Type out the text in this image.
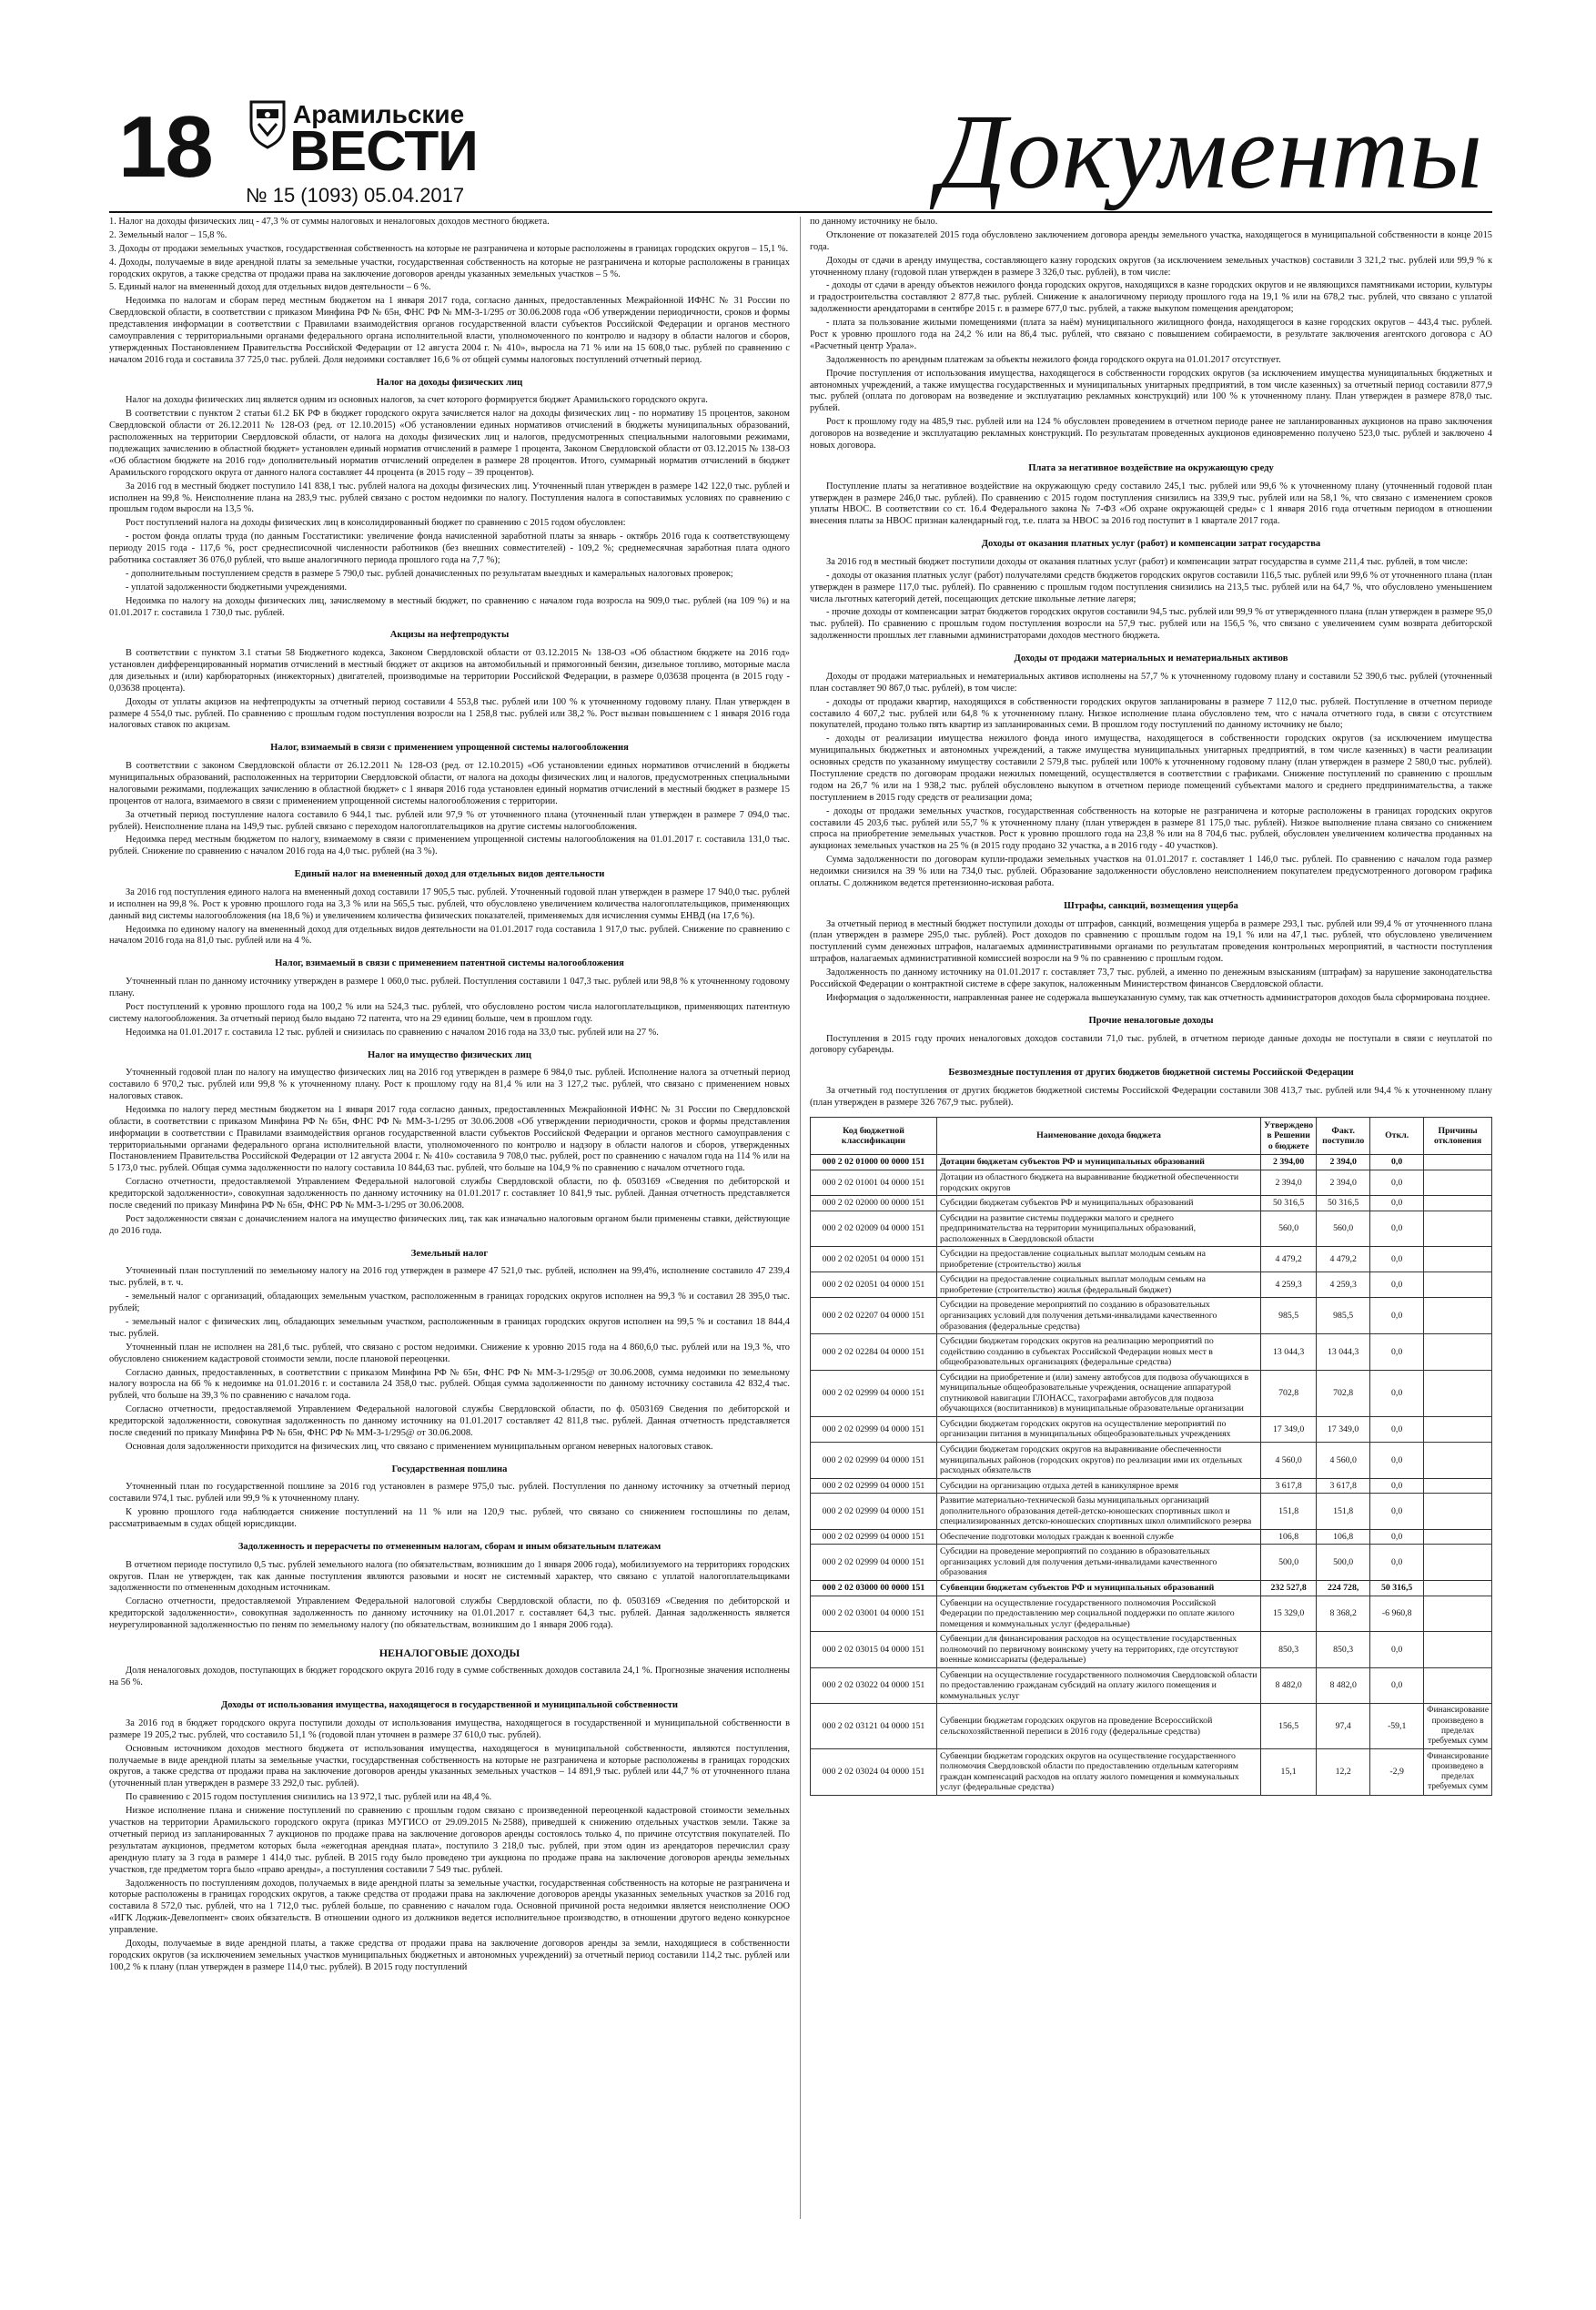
18	Арамильские
ВЕСТИ
№ 15 (1093) 05.04.2017	Документы

1. Налог на доходы физических лиц - 47,3 % от суммы налоговых и неналоговых доходов местного бюджета.

2. Земельный налог – 15,8 %.

3. Доходы от продажи земельных участков, государственная собственность на которые не разграничена и которые расположены в границах городских округов – 15,1 %.

4. Доходы, получаемые в виде арендной платы за земельные участки, государственная собственность на которые не разграничена и которые расположены в границах городских округов, а также средства от продажи права на заключение договоров аренды указанных земельных участков – 5 %.

5. Единый налог на вмененный доход для отдельных видов деятельности – 6 %.

Недоимка по налогам и сборам перед местным бюджетом на 1 января 2017 года, согласно данных, предоставленных Межрайонной ИФНС № 31 России по Свердловской области, в соответствии с приказом Минфина РФ № 65н, ФНС РФ № ММ-3-1/295 от 30.06.2008 года «Об утверждении периодичности, сроков и формы представления информации в соответствии с Правилами взаимодействия органов государственной власти субъектов Российской Федерации и органов местного самоуправления с территориальными органами федерального органа исполнительной власти, уполномоченного по контролю и надзору в области налогов и сборов, утвержденных Постановлением Правительства Российской Федерации от 12 августа 2004 г. № 410», выросла на 71 % или на 15 608,0 тыс. рублей по сравнению с началом 2016 года и составила 37 725,0 тыс. рублей. Доля недоимки составляет 16,6 % от общей суммы налоговых поступлений отчетный период.

Налог на доходы физических лиц

Налог на доходы физических лиц является одним из основных налогов, за счет которого формируется бюджет Арамильского городского округа.

В соответствии с пунктом 2 статьи 61.2 БК РФ в бюджет городского округа зачисляется налог на доходы физических лиц - по нормативу 15 процентов, законом Свердловской области от 26.12.2011 № 128-ОЗ (ред. от 12.10.2015) «Об установлении единых нормативов отчислений в бюджеты муниципальных образований, расположенных на территории Свердловской области, от налога на доходы физических лиц и налогов, предусмотренных специальными налоговыми режимами, подлежащих зачислению в областной бюджет» установлен единый норматив отчислений в размере 1 процента, Законом Свердловской области от 03.12.2015 № 138-ОЗ «Об областном бюджете на 2016 год» дополнительный норматив отчислений определен в размере 28 процентов. Итого, суммарный норматив отчислений в бюджет Арамильского городского округа от данного налога составляет 44 процента (в 2015 году – 39 процентов).

За 2016 год в местный бюджет поступило 141 838,1 тыс. рублей налога на доходы физических лиц. Уточненный план утвержден в размере 142 122,0 тыс. рублей и исполнен на 99,8 %. Неисполнение плана на 283,9 тыс. рублей связано с ростом недоимки по налогу. Поступления налога в сопоставимых условиях по сравнению с прошлым годом выросли на 13,5 %.

Рост поступлений налога на доходы физических лиц в консолидированный бюджет по сравнению с 2015 годом обусловлен:

- ростом фонда оплаты труда (по данным Госстатистики: увеличение фонда начисленной заработной платы за январь - октябрь 2016 года к соответствующему периоду 2015 года - 117,6 %, рост среднесписочной численности работников (без внешних совместителей) - 109,2 %; среднемесячная заработная плата одного работника составляет 36 076,0 рублей, что выше аналогичного периода прошлого года на 7,7 %);

- дополнительным поступлением средств в размере 5 790,0 тыс. рублей доначисленных по результатам выездных и камеральных налоговых проверок;

- уплатой задолженности бюджетными учреждениями.

Недоимка по налогу на доходы физических лиц, зачисляемому в местный бюджет, по сравнению с началом года возросла на 909,0 тыс. рублей (на 109 %) и на 01.01.2017 г. составила 1 730,0 тыс. рублей.

Акцизы на нефтепродукты

В соответствии с пунктом 3.1 статьи 58 Бюджетного кодекса, Законом Свердловской области от 03.12.2015 № 138-ОЗ «Об областном бюджете на 2016 год» установлен дифференцированный норматив отчислений в местный бюджет от акцизов на автомобильный и прямогонный бензин, дизельное топливо, моторные масла для дизельных и (или) карбюраторных (инжекторных) двигателей, производимые на территории Российской Федерации, в размере 0,03638 процента (в 2015 году - 0,03638 процента).

Доходы от уплаты акцизов на нефтепродукты за отчетный период составили 4 553,8 тыс. рублей или 100 % к уточненному годовому плану. План утвержден в размере 4 554,0 тыс. рублей. По сравнению с прошлым годом поступления возросли на 1 258,8 тыс. рублей или 38,2 %. Рост вызван повышением с 1 января 2016 года налоговых ставок по акцизам.

Налог, взимаемый в связи с применением упрощенной системы налогообложения

В соответствии с законом Свердловской области от 26.12.2011 № 128-ОЗ (ред. от 12.10.2015) «Об установлении единых нормативов отчислений в бюджеты муниципальных образований, расположенных на территории Свердловской области, от налога на доходы физических лиц и налогов, предусмотренных специальными налоговыми режимами, подлежащих зачислению в областной бюджет» с 1 января 2016 года установлен единый норматив отчислений в местный бюджет в размере 15 процентов от налога, взимаемого в связи с применением упрощенной системы налогообложения с территории.

За отчетный период поступление налога составило 6 944,1 тыс. рублей или 97,9 % от уточненного плана (уточненный план утвержден в размере 7 094,0 тыс. рублей). Неисполнение плана на 149,9 тыс. рублей связано с переходом налогоплательщиков на другие системы налогообложения.

Недоимка перед местным бюджетом по налогу, взимаемому в связи с применением упрощенной системы налогообложения на 01.01.2017 г. составила 131,0 тыс. рублей. Снижение по сравнению с началом 2016 года на 4,0 тыс. рублей (на 3 %).

Единый налог на вмененный доход для отдельных видов деятельности

За 2016 год поступления единого налога на вмененный доход составили 17 905,5 тыс. рублей. Уточненный годовой план утвержден в размере 17 940,0 тыс. рублей и исполнен на 99,8 %. Рост к уровню прошлого года на 3,3 % или на 565,5 тыс. рублей, что обусловлено увеличением количества налогоплательщиков, применяющих данный вид системы налогообложения (на 18,6 %) и увеличением количества физических показателей, применяемых для исчисления суммы ЕНВД (на 17,6 %).

Недоимка по единому налогу на вмененный доход для отдельных видов деятельности на 01.01.2017 года составила 1 917,0 тыс. рублей. Снижение по сравнению с началом 2016 года на 81,0 тыс. рублей или на 4 %.

Налог, взимаемый в связи с применением патентной системы налогообложения

Уточненный план по данному источнику утвержден в размере 1 060,0 тыс. рублей. Поступления составили 1 047,3 тыс. рублей или 98,8 % к уточненному годовому плану.

Рост поступлений к уровню прошлого года на 100,2 % или на 524,3 тыс. рублей, что обусловлено ростом числа налогоплательщиков, применяющих патентную систему налогообложения. За отчетный период было выдано 72 патента, что на 29 единиц больше, чем в прошлом году.

Недоимка на 01.01.2017 г. составила 12 тыс. рублей и снизилась по сравнению с началом 2016 года на 33,0 тыс. рублей или на 27 %.

Налог на имущество физических лиц

Уточненный годовой план по налогу на имущество физических лиц на 2016 год утвержден в размере 6 984,0 тыс. рублей. Исполнение налога за отчетный период составило 6 970,2 тыс. рублей или 99,8 % к уточненному плану. Рост к прошлому году на 81,4 % или на 3 127,2 тыс. рублей, что связано с применением новых налоговых ставок.

Недоимка по налогу перед местным бюджетом на 1 января 2017 года согласно данных, предоставленных Межрайонной ИФНС № 31 России по Свердловской области, в соответствии с приказом Минфина РФ № 65н, ФНС РФ № ММ-3-1/295 от 30.06.2008 «Об утверждении периодичности, сроков и формы представления информации в соответствии с Правилами взаимодействия органов государственной власти субъектов Российской Федерации и органов местного самоуправления с территориальными органами федерального органа исполнительной власти, уполномоченного по контролю и надзору в области налогов и сборов, утвержденных Постановлением Правительства Российской Федерации от 12 августа 2004 г. № 410» составила 9 708,0 тыс. рублей, рост по сравнению с началом года на 114 % или на 5 173,0 тыс. рублей. Общая сумма задолженности по налогу составила 10 844,63 тыс. рублей, что больше на 104,9 % по сравнению с началом отчетного года.

Согласно отчетности, предоставляемой Управлением Федеральной налоговой службы Свердловской области, по ф. 0503169 «Сведения по дебиторской и кредиторской задолженности», совокупная задолженность по данному источнику на 01.01.2017 г. составляет 10 841,9 тыс. рублей. Данная отчетность представляется после сведений по приказу Минфина РФ № 65н, ФНС РФ № ММ-3-1/295 от 30.06.2008.

Рост задолженности связан с доначислением налога на имущество физических лиц, так как изначально налоговым органом были применены ставки, действующие до 2016 года.

Земельный налог

Уточненный план поступлений по земельному налогу на 2016 год утвержден в размере 47 521,0 тыс. рублей, исполнен на 99,4%, исполнение составило 47 239,4 тыс. рублей, в т. ч.

- земельный налог с организаций, обладающих земельным участком, расположенным в границах городских округов исполнен на 99,3 % и составил 28 395,0 тыс. рублей;

- земельный налог с физических лиц, обладающих земельным участком, расположенным в границах городских округов исполнен на 99,5 % и составил 18 844,4 тыс. рублей.

Уточненный план не исполнен на 281,6 тыс. рублей, что связано с ростом недоимки. Снижение к уровню 2015 года на 4 860,6,0 тыс. рублей или на 19,3 %, что обусловлено снижением кадастровой стоимости земли, после плановой переоценки.

Согласно данных, предоставленных, в соответствии с приказом Минфина РФ № 65н, ФНС РФ № ММ-3-1/295@ от 30.06.2008, сумма недоимки по земельному налогу возросла на 66 % к недоимке на 01.01.2016 г. и составила 24 358,0 тыс. рублей. Общая сумма задолженности по данному источнику составила 42 832,4 тыс. рублей, что больше на 39,3 % по сравнению с началом года.

Согласно отчетности, предоставляемой Управлением Федеральной налоговой службы Свердловской области, по ф. 0503169 Сведения по дебиторской и кредиторской задолженности, совокупная задолженность по данному источнику на 01.01.2017 составляет 42 811,8 тыс. рублей. Данная отчетность представляется после сведений по приказу Минфина РФ № 65н, ФНС РФ № ММ-3-1/295@ от 30.06.2008.

Основная доля задолженности приходится на физических лиц, что связано с применением муниципальным органом неверных налоговых ставок.

Государственная пошлина

Уточненный план по государственной пошлине за 2016 год установлен в размере 975,0 тыс. рублей. Поступления по данному источнику за отчетный период составили 974,1 тыс. рублей или 99,9 % к уточненному плану.

К уровню прошлого года наблюдается снижение поступлений на 11 % или на 120,9 тыс. рублей, что связано со снижением госпошлины по делам, рассматриваемым в судах общей юрисдикции.

Задолженность и перерасчеты по отмененным налогам, сборам и иным обязательным платежам

В отчетном периоде поступило 0,5 тыс. рублей земельного налога (по обязательствам, возникшим до 1 января 2006 года), мобилизуемого на территориях городских округов. План не утвержден, так как данные поступления являются разовыми и носят не системный характер, что связано с уплатой налогоплательщиками задолженности по отмененным доходным источникам.

Согласно отчетности, предоставляемой Управлением Федеральной налоговой службы Свердловской области, по ф. 0503169 «Сведения по дебиторской и кредиторской задолженности», совокупная задолженность по данному источнику на 01.01.2017 г. составляет 64,3 тыс. рублей. Данная задолженность является неурегулированной задолженностью по пеням по земельному налогу (по обязательствам, возникшим до 1 января 2006 года).

НЕНАЛОГОВЫЕ ДОХОДЫ

Доля неналоговых доходов, поступающих в бюджет городского округа 2016 году в сумме собственных доходов составила 24,1 %. Прогнозные значения исполнены на 56 %.

Доходы от использования имущества, находящегося в государственной и муниципальной собственности

За 2016 год в бюджет городского округа поступили доходы от использования имущества, находящегося в государственной и муниципальной собственности в размере 19 205,2 тыс. рублей, что составило 51,1 % (годовой план уточнен в размере 37 610,0 тыс. рублей).

Основным источником доходов местного бюджета от использования имущества, находящегося в муниципальной собственности, являются поступления, получаемые в виде арендной платы за земельные участки, государственная собственность на которые не разграничена и которые расположены в границах городских округов, а также средства от продажи права на заключение договоров аренды указанных земельных участков – 14 891,9 тыс. рублей или 44,7 % от уточненного плана (уточненный план утвержден в размере 33 292,0 тыс. рублей).

По сравнению с 2015 годом поступления снизились на 13 972,1 тыс. рублей или на 48,4 %.

Низкое исполнение плана и снижение поступлений по сравнению с прошлым годом связано с произведенной переоценкой кадастровой стоимости земельных участков на территории Арамильского городского округа (приказ МУГИСО от 29.09.2015 №2588), приведшей к снижению отдельных участков земли. Также за отчетный период из запланированных 7 аукционов по продаже права на заключение договоров аренды состоялось только 4, по причине отсутствия покупателей. По результатам аукционов, предметом которых была «ежегодная арендная плата», поступило 3 218,0 тыс. рублей, при этом один из арендаторов перечислил сразу арендную плату за 3 года в размере 1 414,0 тыс. рублей. В 2015 году было проведено три аукциона по продаже права на заключение договоров аренды земельных участков, где предметом торга было «право аренды», а поступления составили 7 549 тыс. рублей.

Задолженность по поступлениям доходов, получаемых в виде арендной платы за земельные участки, государственная собственность на которые не разграничена и которые расположены в границах городских округов, а также средства от продажи права на заключение договоров аренды указанных земельных участков за 2016 год составила 8 572,0 тыс. рублей, что на 1 712,0 тыс. рублей больше, по сравнению с началом года. Основной причиной роста недоимки является неисполнение ООО «ИГК Лоджик-Девелопмент» своих обязательств. В отношении одного из должников ведется исполнительное производство, в отношении другого ведено конкурсное управление.

Доходы, получаемые в виде арендной платы, а также средства от продажи права на заключение договоров аренды за земли, находящиеся в собственности городских округов (за исключением земельных участков муниципальных бюджетных и автономных учреждений) за отчетный период составили 114,2 тыс. рублей или 100,2 % к плану (план утвержден в размере 114,0 тыс. рублей). В 2015 году поступлений

по данному источнику не было.

Отклонение от показателей 2015 года обусловлено заключением договора аренды земельного участка, находящегося в муниципальной собственности в конце 2015 года.

Доходы от сдачи в аренду имущества, составляющего казну городских округов (за исключением земельных участков) составили 3 321,2 тыс. рублей или 99,9 % к уточненному плану (годовой план утвержден в размере 3 326,0 тыс. рублей), в том числе:

- доходы от сдачи в аренду объектов нежилого фонда городских округов, находящихся в казне городских округов и не являющихся памятниками истории, культуры и градостроительства составляют 2 877,8 тыс. рублей. Снижение к аналогичному периоду прошлого года на 19,1 % или на 678,2 тыс. рублей, что связано с уплатой задолженности арендаторами в сентябре 2015 г. в размере 677,0 тыс. рублей, а также выкупом помещения арендатором;

- плата за пользование жилыми помещениями (плата за наём) муниципального жилищного фонда, находящегося в казне городских округов – 443,4 тыс. рублей. Рост к уровню прошлого года на 24,2 % или на 86,4 тыс. рублей, что связано с повышением собираемости, в результате заключения агентского договора с АО «Расчетный центр Урала».

Задолженность по арендным платежам за объекты нежилого фонда городского округа на 01.01.2017 отсутствует.

Прочие поступления от использования имущества, находящегося в собственности городских округов (за исключением имущества муниципальных бюджетных и автономных учреждений, а также имущества государственных и муниципальных унитарных предприятий, в том числе казенных) за отчетный период составили 877,9 тыс. рублей (оплата по договорам на возведение и эксплуатацию рекламных конструкций) или 100 % к уточненному плану. План утвержден в размере 878,0 тыс. рублей.

Рост к прошлому году на 485,9 тыс. рублей или на 124 % обусловлен проведением в отчетном периоде ранее не запланированных аукционов на право заключения договоров на возведение и эксплуатацию рекламных конструкций. По результатам проведенных аукционов единовременно получено 523,0 тыс. рублей и заключено 4 новых договора.

Плата за негативное воздействие на окружающую среду

Поступление платы за негативное воздействие на окружающую среду составило 245,1 тыс. рублей или 99,6 % к уточненному плану (уточненный годовой план утвержден в размере 246,0 тыс. рублей). По сравнению с 2015 годом поступления снизились на 339,9 тыс. рублей или на 58,1 %, что связано с изменением сроков уплаты НВОС. В соответствии со ст. 16.4 Федерального закона № 7-ФЗ «Об охране окружающей среды» с 1 января 2016 года отчетным периодом в отношении внесения платы за НВОС признан календарный год, т.е. плата за НВОС за 2016 год поступит в 1 квартале 2017 года.

Доходы от оказания платных услуг (работ) и компенсации затрат государства

За 2016 год в местный бюджет поступили доходы от оказания платных услуг (работ) и компенсации затрат государства в сумме 211,4 тыс. рублей, в том числе:

- доходы от оказания платных услуг (работ) получателями средств бюджетов городских округов составили 116,5 тыс. рублей или 99,6 % от уточненного плана (план утвержден в размере 117,0 тыс. рублей). По сравнению с прошлым годом поступления снизились на 213,5 тыс. рублей или на 64,7 %, что обусловлено уменьшением числа льготных категорий детей, посещающих детские школьные летние лагеря;

- прочие доходы от компенсации затрат бюджетов городских округов составили 94,5 тыс. рублей или 99,9 % от утвержденного плана (план утвержден в размере 95,0 тыс. рублей). По сравнению с прошлым годом поступления возросли на 57,9 тыс. рублей или на 156,5 %, что связано с увеличением сумм возврата дебиторской задолженности прошлых лет главными администраторами доходов местного бюджета.

Доходы от продажи материальных и нематериальных активов

Доходы от продажи материальных и нематериальных активов исполнены на 57,7 % к уточненному годовому плану и составили 52 390,6 тыс. рублей (уточненный план составляет 90 867,0 тыс. рублей), в том числе:

- доходы от продажи квартир, находящихся в собственности городских округов запланированы в размере 7 112,0 тыс. рублей. Поступление в отчетном периоде составило 4 607,2 тыс. рублей или 64,8 % к уточненному плану. Низкое исполнение плана обусловлено тем, что с начала отчетного года, в связи с отсутствием покупателей, продано только пять квартир из запланированных семи. В прошлом году поступлений по данному источнику не было;

- доходы от реализации имущества нежилого фонда иного имущества, находящегося в собственности городских округов (за исключением имущества муниципальных бюджетных и автономных учреждений, а также имущества муниципальных унитарных предприятий, в том числе казенных) в части реализации основных средств по указанному имуществу составили 2 579,8 тыс. рублей или 100% к уточненному годовому плану (план утвержден в размере 2 580,0 тыс. рублей). Поступление средств по договорам продажи нежилых помещений, осуществляется в соответствии с графиками. Снижение поступлений по сравнению с прошлым годом на 26,7 % или на 1 938,2 тыс. рублей обусловлено выкупом в отчетном периоде помещений субъектами малого и среднего предпринимательства, а также поступлением в 2015 году средств от реализации дома;

- доходы от продажи земельных участков, государственная собственность на которые не разграничена и которые расположены в границах городских округов составили 45 203,6 тыс. рублей или 55,7 % к уточненному плану (план утвержден в размере 81 175,0 тыс. рублей). Низкое выполнение плана связано со снижением спроса на приобретение земельных участков. Рост к уровню прошлого года на 23,8 % или на 8 704,6 тыс. рублей, обусловлен увеличением количества проданных на аукционах земельных участков на 25 % (в 2015 году продано 32 участка, а в 2016 году - 40 участков).

Сумма задолженности по договорам купли-продажи земельных участков на 01.01.2017 г. составляет 1 146,0 тыс. рублей. По сравнению с началом года размер недоимки снизился на 39 % или на 734,0 тыс. рублей. Образование задолженности обусловлено неисполнением покупателем предусмотренного договором графика оплаты. С должником ведется претензионно-исковая работа.

Штрафы, санкций, возмещения ущерба

За отчетный период в местный бюджет поступили доходы от штрафов, санкций, возмещения ущерба в размере 293,1 тыс. рублей или 99,4 % от уточненного плана (план утвержден в размере 295,0 тыс. рублей). Рост доходов по сравнению с прошлым годом на 19,1 % или на 47,1 тыс. рублей, что обусловлено увеличением поступлений сумм денежных штрафов, налагаемых административными органами по результатам проведения контрольных мероприятий, в частности поступления штрафов, налагаемых административной комиссией возросли на 9 % по сравнению с прошлым годом.

Задолженность по данному источнику на 01.01.2017 г. составляет 73,7 тыс. рублей, а именно по денежным взысканиям (штрафам) за нарушение законодательства Российской Федерации о контрактной системе в сфере закупок, наложенным Министерством финансов Свердловской области.

Информация о задолженности, направленная ранее не содержала вышеуказанную сумму, так как отчетность администраторов доходов была сформирована позднее.

Прочие неналоговые доходы

Поступления в 2015 году прочих неналоговых доходов составили 71,0 тыс. рублей, в отчетном периоде данные доходы не поступали в связи с неуплатой по договору субаренды.

Безвозмездные поступления от других бюджетов бюджетной системы Российской Федерации

За отчетный год поступления от других бюджетов бюджетной системы Российской Федерации составили 308 413,7 тыс. рублей или 94,4 % к уточненному плану (план утвержден в размере 326 767,9 тыс. рублей).

Код бюджетной классификации	Наименование дохода бюджета	Утверждено в Решении о бюджете	Факт. поступило	Откл.	Причины отклонения
000 2 02 01000 00 0000 151	Дотации бюджетам субъектов РФ и муниципальных образований	2 394,00	2 394,0	0,0	
000 2 02 01001 04 0000 151	Дотации из областного бюджета на выравнивание бюджетной обеспеченности городских округов	2 394,0	2 394,0	0,0	
000 2 02 02000 00 0000 151	Субсидии бюджетам субъектов РФ и муниципальных образований	50 316,5	50 316,5	0,0	
000 2 02 02009 04 0000 151	Субсидии на развитие системы поддержки малого и среднего предпринимательства на территории муниципальных образований, расположенных в Свердловской области	560,0	560,0	0,0	
000 2 02 02051 04 0000 151	Субсидии на предоставление социальных выплат молодым семьям на приобретение (строительство) жилья	4 479,2	4 479,2	0,0	
000 2 02 02051 04 0000 151	Субсидии на предоставление социальных выплат молодым семьям на приобретение (строительство) жилья (федеральный бюджет)	4 259,3	4 259,3	0,0	
000 2 02 02207 04 0000 151	Субсидии на проведение мероприятий по созданию в образовательных организациях условий для получения детьми-инвалидами качественного образования (федеральные средства)	985,5	985,5	0,0	
000 2 02 02284 04 0000 151	Субсидии бюджетам городских округов на реализацию мероприятий по содействию созданию в субъектах Российской Федерации новых мест в общеобразовательных организациях (федеральные средства)	13 044,3	13 044,3	0,0	
000 2 02 02999 04 0000 151	Субсидии на приобретение и (или) замену автобусов для подвоза обучающихся в муниципальные общеобразовательные учреждения, оснащение аппаратурой спутниковой навигации ГЛОНАСС, тахографами автобусов для подвоза обучающихся (воспитанников) в муниципальные образовательные организации	702,8	702,8	0,0	
000 2 02 02999 04 0000 151	Субсидии бюджетам городских округов на осуществление мероприятий по организации питания в муниципальных общеобразовательных учреждениях	17 349,0	17 349,0	0,0	
000 2 02 02999 04 0000 151	Субсидии бюджетам городских округов на выравнивание обеспеченности муниципальных районов (городских округов) по реализации ими их отдельных расходных обязательств	4 560,0	4 560,0	0,0	
000 2 02 02999 04 0000 151	Субсидии на организацию отдыха детей в каникулярное время	3 617,8	3 617,8	0,0	
000 2 02 02999 04 0000 151	Развитие материально-технической базы муниципальных организаций дополнительного образования детей-детско-юношеских спортивных школ и специализированных детско-юношеских спортивных школ олимпийского резерва	151,8	151,8	0,0	
000 2 02 02999 04 0000 151	Обеспечение подготовки молодых граждан к военной службе	106,8	106,8	0,0	
000 2 02 02999 04 0000 151	Субсидии на проведение мероприятий по созданию в образовательных организациях условий для получения детьми-инвалидами качественного образования	500,0	500,0	0,0	
000 2 02 03000 00 0000 151	Субвенции бюджетам субъектов РФ и муниципальных образований	232 527,8	224 728,	50 316,5	
000 2 02 03001 04 0000 151	Субвенции на осуществление государственного полномочия Российской Федерации по предоставлению мер социальной поддержки по оплате жилого помещения и коммунальных услуг (федеральные)	15 329,0	8 368,2	-6 960,8	
000 2 02 03015 04 0000 151	Субвенции для финансирования расходов на осуществление государственных полномочий по первичному воинскому учету на территориях, где отсутствуют военные комиссариаты (федеральные)	850,3	850,3	0,0	
000 2 02 03022 04 0000 151	Субвенции на осуществление государственного полномочия Свердловской области по предоставлению гражданам субсидий на оплату жилого помещения и коммунальных услуг	8 482,0	8 482,0	0,0	
000 2 02 03121 04 0000 151	Субвенции бюджетам городских округов на проведение Всероссийской сельскохозяйственной переписи в 2016 году (федеральные средства)	156,5	97,4	-59,1	Финансирование произведено в пределах требуемых сумм
000 2 02 03024 04 0000 151	Субвенции бюджетам городских округов на осуществление государственного полномочия Свердловской области по предоставлению отдельным категориям граждан компенсаций расходов на оплату жилого помещения и коммунальных услуг (федеральные средства)	15,1	12,2	-2,9	Финансирование произведено в пределах требуемых сумм
